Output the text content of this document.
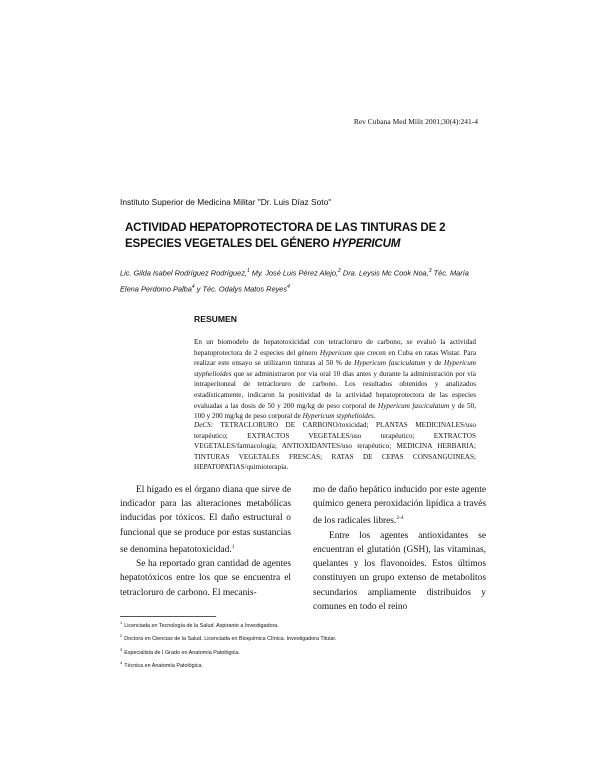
Rev Cubana Med Milit 2001;30(4):241-4
Instituto Superior de Medicina Militar "Dr. Luis Díaz Soto"
ACTIVIDAD HEPATOPROTECTORA DE LAS TINTURAS DE 2 ESPECIES VEGETALES DEL GÉNERO HYPERICUM
Lic. Gilda Isabel Rodríguez Rodríguez,$^1$ My. José Luis Pérez Alejo,$^2$ Dra. Leysis Mc Cook Noa,$^3$ Téc. María Elena Perdomo Palba$^4$ y Téc. Odalys Matos Reyes$^4$
RESUMEN
En un biomodelo de hepatotoxicidad con tetracloruro de carbono, se evaluó la actividad hepatoprotectora de 2 especies del género Hypericum que crecen en Cuba en ratas Wistar. Para realizar este ensayo se utilizaron tinturas al 50 % de Hypericum fasciculatum y de Hypericum styphelioides que se administraron por vía oral 10 días antes y durante la administración por vía intraperitoneal de tetracloruro de carbono. Los resultados obtenidos y analizados estadísticamente, indicaron la positividad de la actividad hepatoprotectora de las especies evaluadas a las dosis de 50 y 200 mg/kg de peso corporal de Hypericum fasciculatum y de 50, 100 y 200 mg/kg de peso corporal de Hypericum styphelioides.
DeCS: TETRACLORURO DE CARBONO/toxicidad; PLANTAS MEDICINALES/uso terapéutico; EXTRACTOS VEGETALES/uso terapéutico; EXTRACTOS VEGETALES/farmacología; ANTIOXIDANTES/uso terapéutico; MEDICINA HERBARIA; TINTURAS VEGETALES FRESCAS; RATAS DE CEPAS CONSANGUINEAS; HEPATOPATIAS/quimioterapia.

El hígado es el órgano diana que sirve de indicador para las alteraciones metabólicas inducidas por tóxicos. El daño estructural o funcional que se produce por estas sustancias se denomina hepatotoxicidad.$^1$

Se ha reportado gran cantidad de agentes hepatotóxicos entre los que se encuentra el tetracloruro de carbono. El mecanis-

mo de daño hepático inducido por este agente químico genera peroxidación lipídica a través de los radicales libres.$^{2-4}$

Entre los agentes antioxidantes se encuentran el glutatión (GSH), las vitaminas, quelantes y los flavonoides. Estos últimos constituyen un grupo extenso de metabolitos secundarios ampliamente distribuidos y comunes en todo el reino

$^1$Licenciada en Tecnología de la Salud. Aspirante a Investigadora.
$^2$Doctora en Ciencias de la Salud. Licenciada en Bioquímica Clínica. Investigadora Titular.
$^3$Especialista de I Grado en Anatomía Patológica.
$^4$Técnica en Anatomía Patológica.
